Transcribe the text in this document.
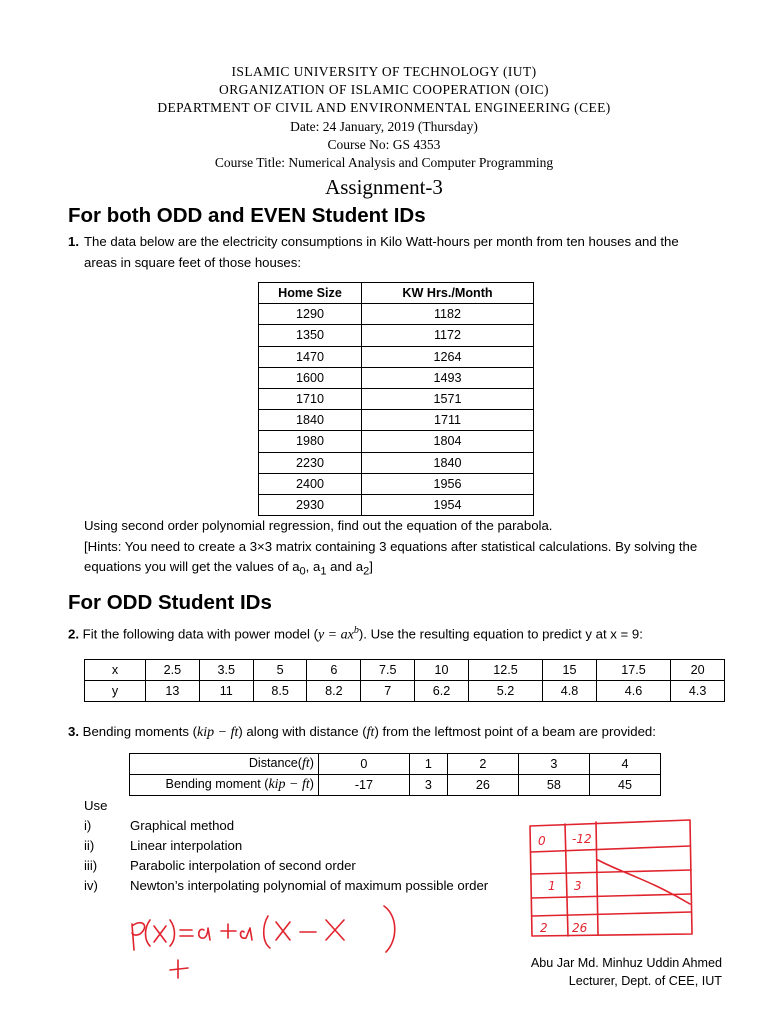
ISLAMIC UNIVERSITY OF TECHNOLOGY (IUT)
ORGANIZATION OF ISLAMIC COOPERATION (OIC)
DEPARTMENT OF CIVIL AND ENVIRONMENTAL ENGINEERING (CEE)
Date: 24 January, 2019 (Thursday)
Course No: GS 4353
Course Title: Numerical Analysis and Computer Programming
Assignment-3
For both ODD and EVEN Student IDs
1. The data below are the electricity consumptions in Kilo Watt-hours per month from ten houses and the
areas in square feet of those houses:
Home Size	KW Hrs./Month
1290	1182
1350	1172
1470	1264
1600	1493
1710	1571
1840	1711
1980	1804
2230	1840
2400	1956
2930	1954
Using second order polynomial regression, find out the equation of the parabola.
[Hints: You need to create a 3×3 matrix containing 3 equations after statistical calculations. By solving the
equations you will get the values of $a_0$, $a_1$ and $a_2$]
For ODD Student IDs
2. Fit the following data with power model $(y = ax^b)$. Use the resulting equation to predict y at x = 9:
x	2.5	3.5	5	6	7.5	10	12.5	15	17.5	20
y	13	11	8.5	8.2	7	6.2	5.2	4.8	4.6	4.3
3. Bending moments (kip − ft) along with distance (ft) from the leftmost point of a beam are provided:
Distance(ft)	0	1	2	3	4
Bending moment (kip − ft)	-17	3	26	58	45
Use
i)	Graphical method
ii)	Linear interpolation
iii) Parabolic interpolation of second order
iv) Newton’s interpolating polynomial of maximum possible order
Abu Jar Md. Minhuz Uddin Ahmed
Lecturer, Dept. of CEE, IUT
0 -12
1 3
2 26
